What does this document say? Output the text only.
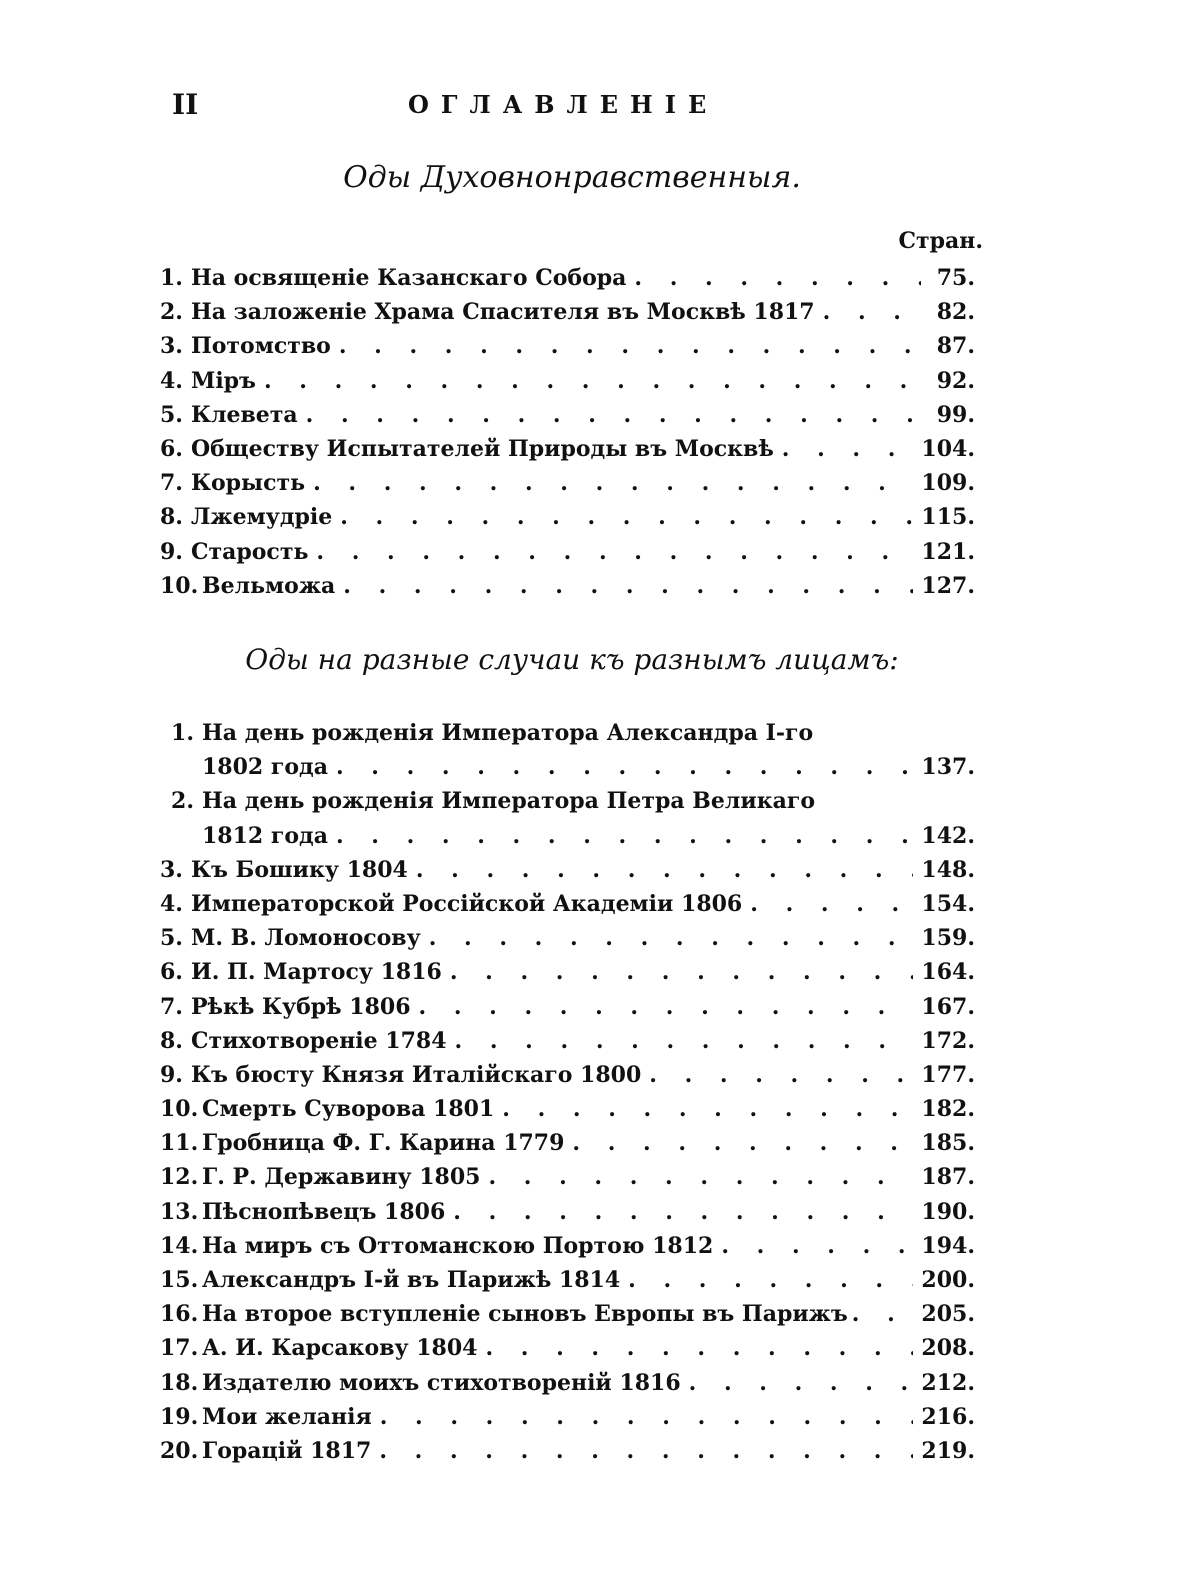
II	ОГЛАВЛЕНІЕ
Оды Духовнонравственныя.
Стран.
1. На освященіе Казанскаго Собора . . .	75.
2. На заложеніе Храма Спасителя въ Москвѣ 1817 . . .	82.
3. Потомство . . .	87.
4. Міръ . . .	92.
5. Клевета . . .	99.
6. Обществу Испытателей Природы въ Москвѣ . . .	104.
7. Корысть . . .	109.
8. Лжемудріе . . .	115.
9. Старость . . .	121.
10. Вельможа . . .	127.
Оды на разные случаи къ разнымъ лицамъ:
1. На день рожденія Императора Александра I-го
1802 года . . .	137.
2. На день рожденія Императора Петра Великаго
1812 года . . .	142.
3. Къ Бошику 1804 . . .	148.
4. Императорской Россійской Академіи 1806 . . .	154.
5. М. В. Ломоносову . . .	159.
6. И. П. Мартосу 1816 . . .	164.
7. Рѣкѣ Кубрѣ 1806 . . .	167.
8. Стихотвореніе 1784 . . .	172.
9. Къ бюсту Князя Италійскаго 1800 . . .	177.
10. Смерть Суворова 1801 . . .	182.
11. Гробница Ф. Г. Карина 1779 . . .	185.
12. Г. Р. Державину 1805 . . .	187.
13. Пѣснопѣвецъ 1806 . . .	190.
14. На миръ съ Оттоманскою Портою 1812 . . .	194.
15. Александръ I-й въ Парижѣ 1814 . . .	200.
16. На второе вступленіе сыновъ Европы въ Парижъ . . .	205.
17. А. И. Карсакову 1804 . . .	208.
18. Издателю моихъ стихотвореній 1816 . . .	212.
19. Мои желанія . . .	216.
20. Горацій 1817 . . .	219.
